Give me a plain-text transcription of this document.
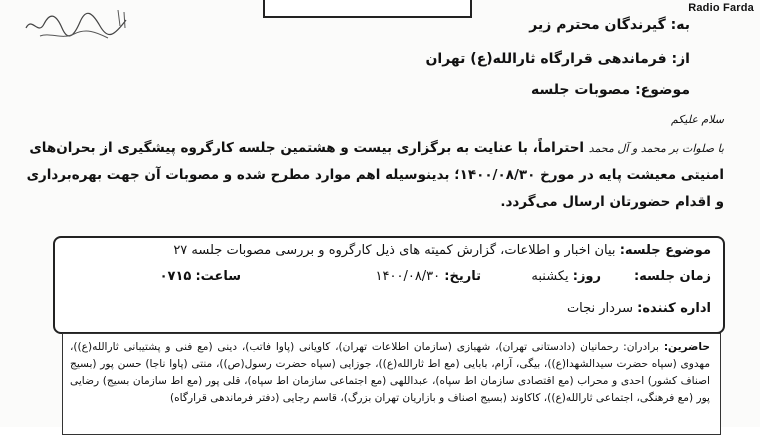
Radio Farda
به: گیرندگان محترم زیر
از: فرماندهی قرارگاه ثارالله(ع) تهران
موضوع: مصوبات جلسه
سلام علیکم
با صلوات بر محمد و آل محمد احتراماً، با عنایت به برگزاری بیست و هشتمین جلسه کارگروه پیشگیری از بحران‌های امنیتی معیشت پایه در مورخ ۱۴۰۰/۰۸/۳۰؛ بدینوسیله اهم موارد مطرح شده و مصوبات آن جهت بهره‌برداری و اقدام حضورتان ارسال می‌گردد.
موضوع جلسه: بیان اخبار و اطلاعات، گزارش کمیته های ذیل کارگروه و بررسی مصوبات جلسه ۲۷
زمان جلسه:
روز: یکشنبه
تاریخ: ۱۴۰۰/۰۸/۳۰
ساعت: ۰۷۱۵
اداره کننده: سردار نجات
حاضرین: برادران: رحمانیان (دادستانی تهران)، شهبازی (سازمان اطلاعات تهران)، کاویانی (پاوا فاتب)، دینی (مع فنی و پشتیبانی ثارالله(ع))، مهدوی (سپاه حضرت سیدالشهدا(ع))، بیگی، آرام، بابایی (مع اط ثارالله(ع))، جوزایی (سپاه حضرت رسول(ص))، منتی (پاوا ناجا) حسن پور (بسیج اصناف کشور) احدی و محراب (مع اقتصادی سازمان اط سپاه)، عبداللهی (مع اجتماعی سازمان اط سپاه)، قلی پور (مع اط سازمان بسیج) رضایی پور (مع فرهنگی، اجتماعی ثارالله(ع))، کاکاوند (بسیج اصناف و بازاریان تهران بزرگ)، قاسم رجایی (دفتر فرماندهی قرارگاه)
